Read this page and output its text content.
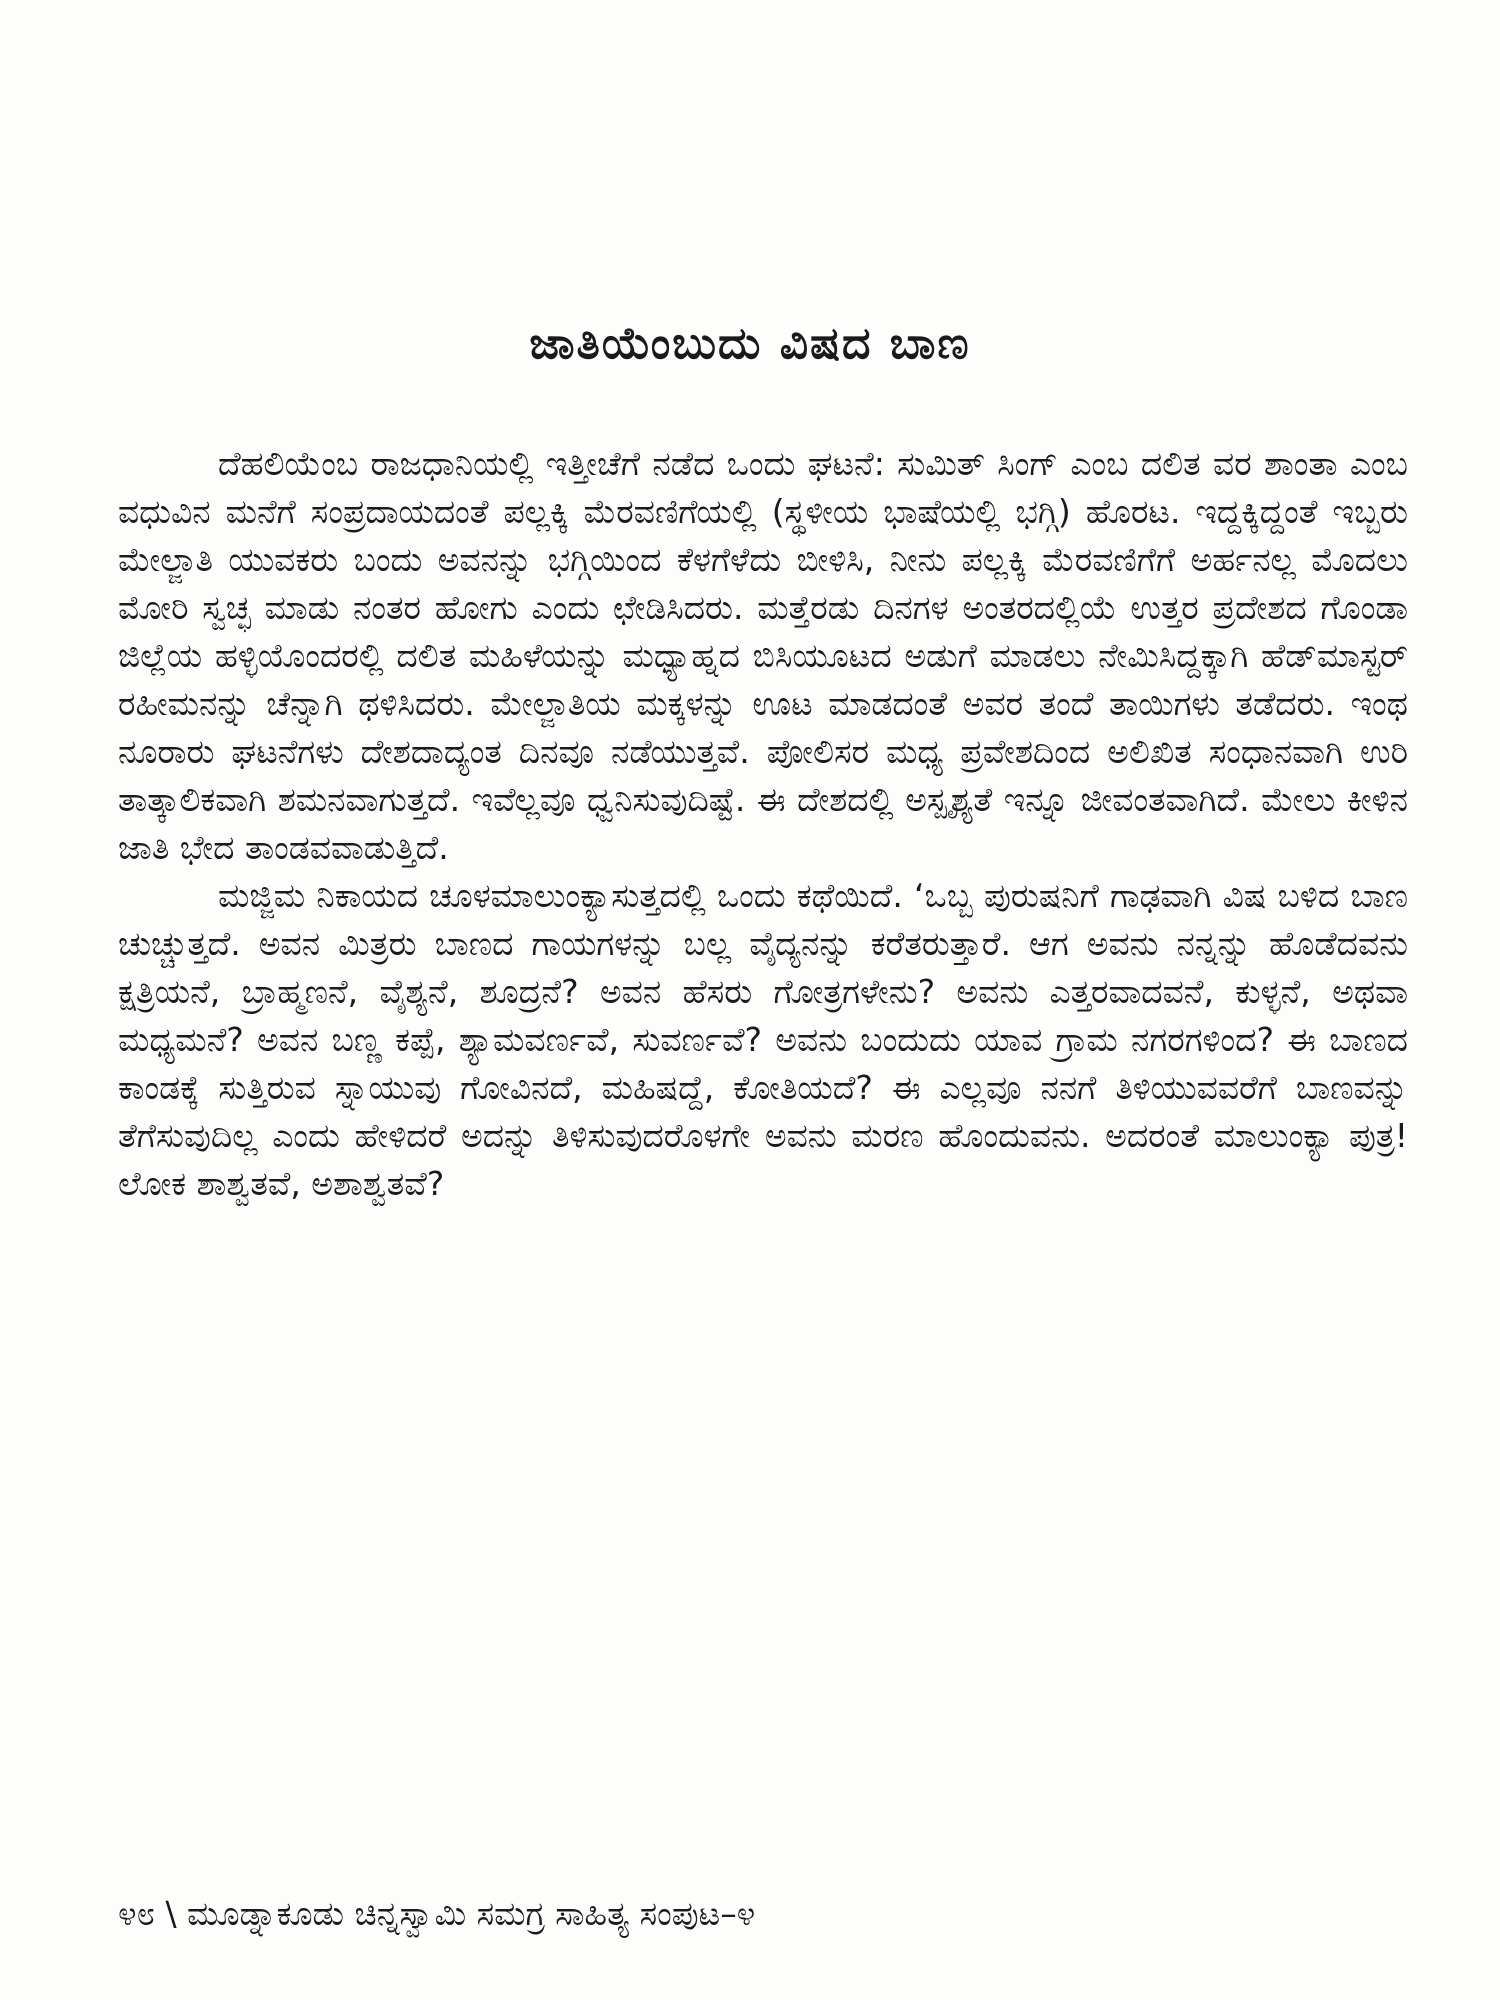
ಜಾತಿಯೆಂಬುದು ವಿಷದ ಬಾಣ

ದೆಹಲಿಯೆಂಬ ರಾಜಧಾನಿಯಲ್ಲಿ ಇತ್ತೀಚೆಗೆ ನಡೆದ ಒಂದು ಘಟನೆ: ಸುಮಿತ್ ಸಿಂಗ್ ಎಂಬ ದಲಿತ ವರ ಶಾಂತಾ ಎಂಬ ವಧುವಿನ ಮನೆಗೆ ಸಂಪ್ರದಾಯದಂತೆ ಪಲ್ಲಕ್ಕಿ ಮೆರವಣಿಗೆಯಲ್ಲಿ (ಸ್ಥಳೀಯ ಭಾಷೆಯಲ್ಲಿ ಭಗ್ಗಿ) ಹೊರಟ. ಇದ್ದಕ್ಕಿದ್ದಂತೆ ಇಬ್ಬರು ಮೇಲ್ಜಾತಿ ಯುವಕರು ಬಂದು ಅವನನ್ನು ಭಗ್ಗಿಯಿಂದ ಕೆಳಗೆಳೆದು ಬೀಳಿಸಿ, ನೀನು ಪಲ್ಲಕ್ಕಿ ಮೆರವಣಿಗೆಗೆ ಅರ್ಹನಲ್ಲ ಮೊದಲು ಮೋರಿ ಸ್ವಚ್ಛ ಮಾಡು ನಂತರ ಹೋಗು ಎಂದು ಛೇಡಿಸಿದರು. ಮತ್ತೆರಡು ದಿನಗಳ ಅಂತರದಲ್ಲಿಯೆ ಉತ್ತರ ಪ್ರದೇಶದ ಗೊಂಡಾ ಜಿಲ್ಲೆಯ ಹಳ್ಳಿಯೊಂದರಲ್ಲಿ ದಲಿತ ಮಹಿಳೆಯನ್ನು ಮಧ್ಯಾಹ್ನದ ಬಿಸಿಯೂಟದ ಅಡುಗೆ ಮಾಡಲು ನೇಮಿಸಿದ್ದಕ್ಕಾಗಿ ಹೆಡ್‌ಮಾಸ್ಟರ್ ರಹೀಮನನ್ನು ಚೆನ್ನಾಗಿ ಥಳಿಸಿದರು. ಮೇಲ್ಜಾತಿಯ ಮಕ್ಕಳನ್ನು ಊಟ ಮಾಡದಂತೆ ಅವರ ತಂದೆ ತಾಯಿಗಳು ತಡೆದರು. ಇಂಥ ನೂರಾರು ಘಟನೆಗಳು ದೇಶದಾದ್ಯಂತ ದಿನವೂ ನಡೆಯುತ್ತವೆ. ಪೋಲಿಸರ ಮಧ್ಯ ಪ್ರವೇಶದಿಂದ ಅಲಿಖಿತ ಸಂಧಾನವಾಗಿ ಉರಿ ತಾತ್ಕಾಲಿಕವಾಗಿ ಶಮನವಾಗುತ್ತದೆ. ಇವೆಲ್ಲವೂ ಧ್ವನಿಸುವುದಿಷ್ಟೆ. ಈ ದೇಶದಲ್ಲಿ ಅಸ್ಪೃಶ್ಯತೆ ಇನ್ನೂ ಜೀವಂತವಾಗಿದೆ. ಮೇಲು ಕೀಳಿನ ಜಾತಿ ಭೇದ ತಾಂಡವವಾಡುತ್ತಿದೆ.

ಮಜ್ಜಿಮ ನಿಕಾಯದ ಚೂಳಮಾಲುಂಕ್ಯಾಸುತ್ತದಲ್ಲಿ ಒಂದು ಕಥೆಯಿದೆ. ‘ಒಬ್ಬ ಪುರುಷನಿಗೆ ಗಾಢವಾಗಿ ವಿಷ ಬಳಿದ ಬಾಣ ಚುಚ್ಚುತ್ತದೆ. ಅವನ ಮಿತ್ರರು ಬಾಣದ ಗಾಯಗಳನ್ನು ಬಲ್ಲ ವೈದ್ಯನನ್ನು ಕರೆತರುತ್ತಾರೆ. ಆಗ ಅವನು ನನ್ನನ್ನು ಹೊಡೆದವನು ಕ್ಷತ್ರಿಯನೆ, ಬ್ರಾಹ್ಮಣನೆ, ವೈಶ್ಯನೆ, ಶೂದ್ರನೆ? ಅವನ ಹೆಸರು ಗೋತ್ರಗಳೇನು? ಅವನು ಎತ್ತರವಾದವನೆ, ಕುಳ್ಳನೆ, ಅಥವಾ ಮಧ್ಯಮನೆ? ಅವನ ಬಣ್ಣ ಕಪ್ಪೆ, ಶ್ಯಾಮವರ್ಣವೆ, ಸುವರ್ಣವೆ? ಅವನು ಬಂದುದು ಯಾವ ಗ್ರಾಮ ನಗರಗಳಿಂದ? ಈ ಬಾಣದ ಕಾಂಡಕ್ಕೆ ಸುತ್ತಿರುವ ಸ್ನಾಯುವು ಗೋವಿನದೆ, ಮಹಿಷದ್ದೆ, ಕೋತಿಯದೆ? ಈ ಎಲ್ಲವೂ ನನಗೆ ತಿಳಿಯುವವರೆಗೆ ಬಾಣವನ್ನು ತೆಗೆಸುವುದಿಲ್ಲ ಎಂದು ಹೇಳಿದರೆ ಅದನ್ನು ತಿಳಿಸುವುದರೊಳಗೇ ಅವನು ಮರಣ ಹೊಂದುವನು. ಅದರಂತೆ ಮಾಲುಂಕ್ಯಾ ಪುತ್ರ! ಲೋಕ ಶಾಶ್ವತವೆ, ಅಶಾಶ್ವತವೆ?

೪೮ \ ಮೂಡ್ನಾಕೂಡು ಚಿನ್ನಸ್ವಾಮಿ ಸಮಗ್ರ ಸಾಹಿತ್ಯ ಸಂಪುಟ–೪
